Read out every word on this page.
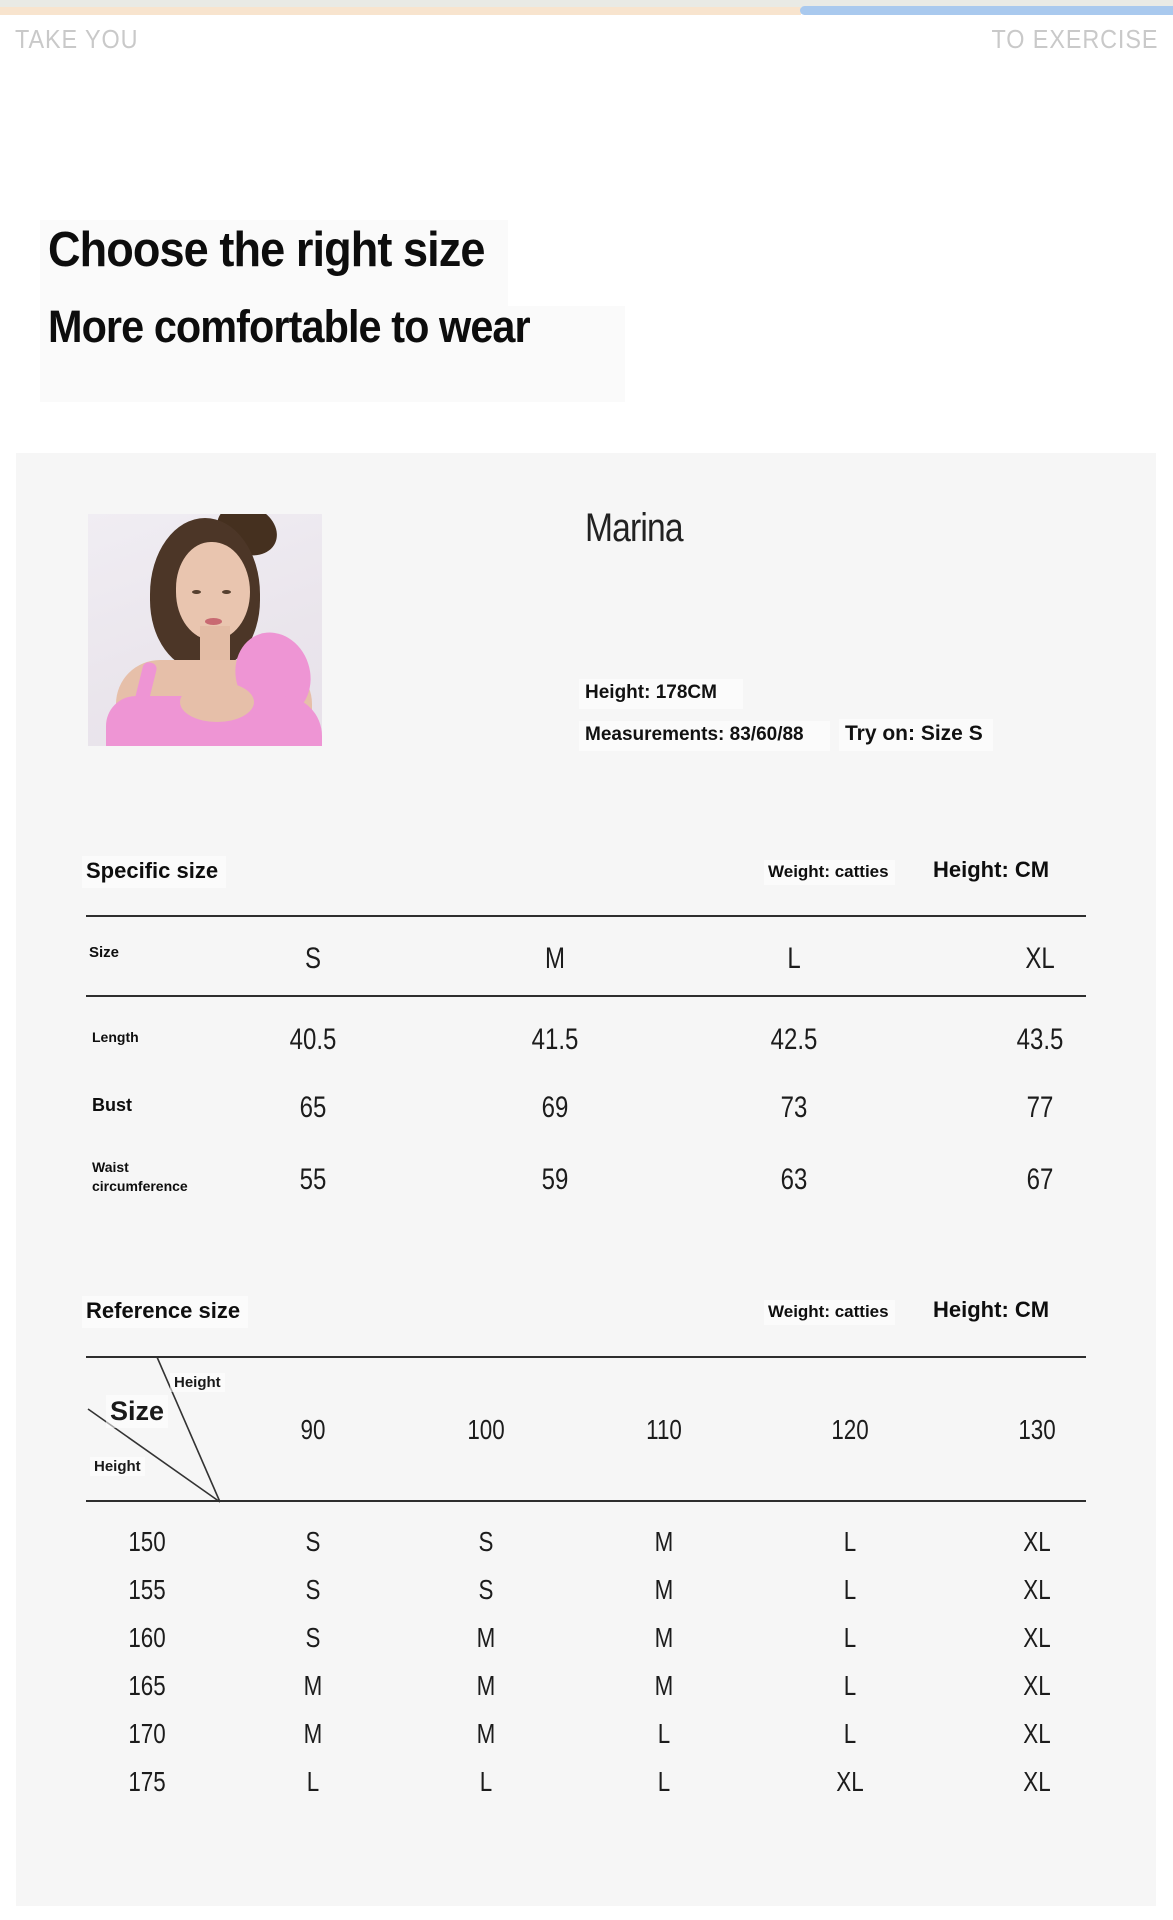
TAKE YOU	TO EXERCISE
Choose the right size
More comfortable to wear
Marina
Height: 178CM
Measurements: 83/60/88	Try on: Size S
Specific size	Weight: catties Height: CM
Size	S	M	L	XL
Length	40.5	41.5	42.5	43.5
Bust	65	69	73	77
Waist circumference	55	59	63	67
Reference size	Weight: catties Height: CM
Height
Size
Height
90	100	110	120	130
150	S	S	M	L	XL
155	S	S	M	L	XL
160	S	M	M	L	XL
165	M	M	M	L	XL
170	M	M	L	L	XL
175	L	L	L	XL	XL
